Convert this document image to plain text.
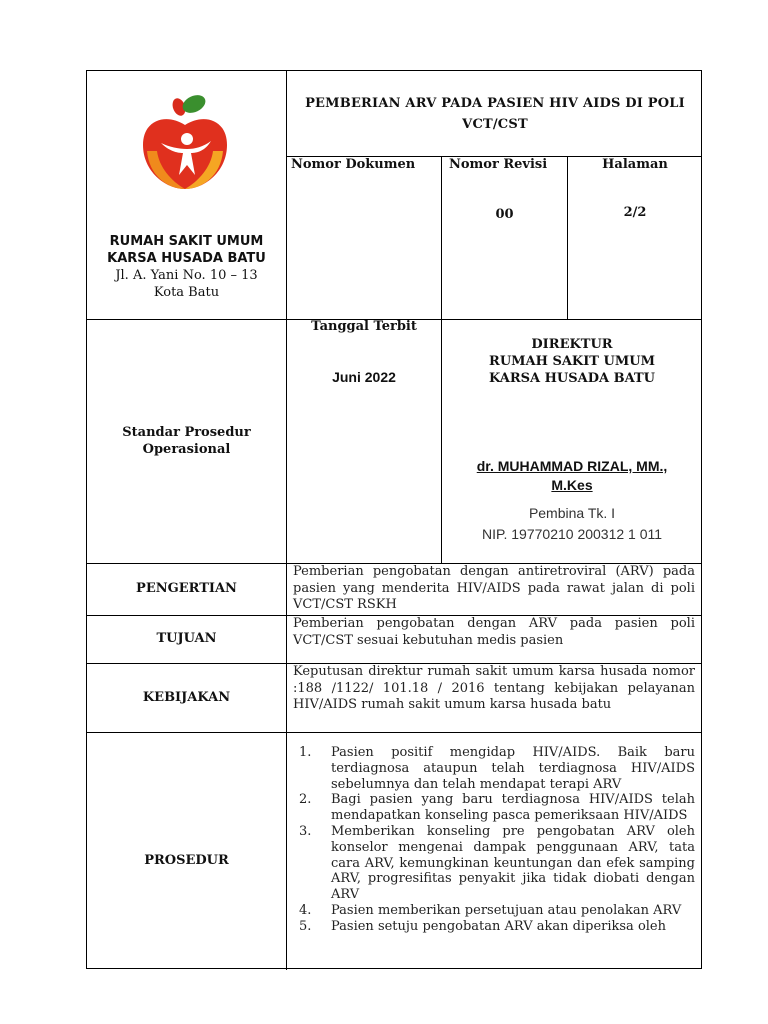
RUMAH SAKIT UMUM
KARSA HUSADA BATU
Jl. A. Yani No. 10 – 13
Kota Batu
PEMBERIAN ARV PADA PASIEN HIV AIDS DI POLI VCT/CST
Nomor Dokumen	Nomor Revisi
00
Halaman
2/2
Standar Prosedur
Operasional
Tanggal Terbit
Juni 2022
DIREKTUR
RUMAH SAKIT UMUM
KARSA HUSADA BATU
dr. MUHAMMAD RIZAL, MM.,
M.Kes
Pembina Tk. I
NIP. 19770210 200312 1 011
PENGERTIAN
Pemberian pengobatan dengan antiretroviral (ARV) pada pasien yang menderita HIV/AIDS pada rawat jalan di poli VCT/CST RSKH
TUJUAN
Pemberian pengobatan dengan ARV pada pasien poli VCT/CST sesuai kebutuhan medis pasien
KEBIJAKAN
Keputusan direktur rumah sakit umum karsa husada nomor :188 /1122/ 101.18 / 2016 tentang kebijakan pelayanan HIV/AIDS rumah sakit umum karsa husada batu
PROSEDUR
1. Pasien positif mengidap HIV/AIDS. Baik baru terdiagnosa ataupun telah terdiagnosa HIV/AIDS sebelumnya dan telah mendapat terapi ARV
2. Bagi pasien yang baru terdiagnosa HIV/AIDS telah mendapatkan konseling pasca pemeriksaan HIV/AIDS
3. Memberikan konseling pre pengobatan ARV oleh konselor mengenai dampak penggunaan ARV, tata cara ARV, kemungkinan keuntungan dan efek samping ARV, progresifitas penyakit jika tidak diobati dengan ARV
4. Pasien memberikan persetujuan atau penolakan ARV
5. Pasien setuju pengobatan ARV akan diperiksa oleh
